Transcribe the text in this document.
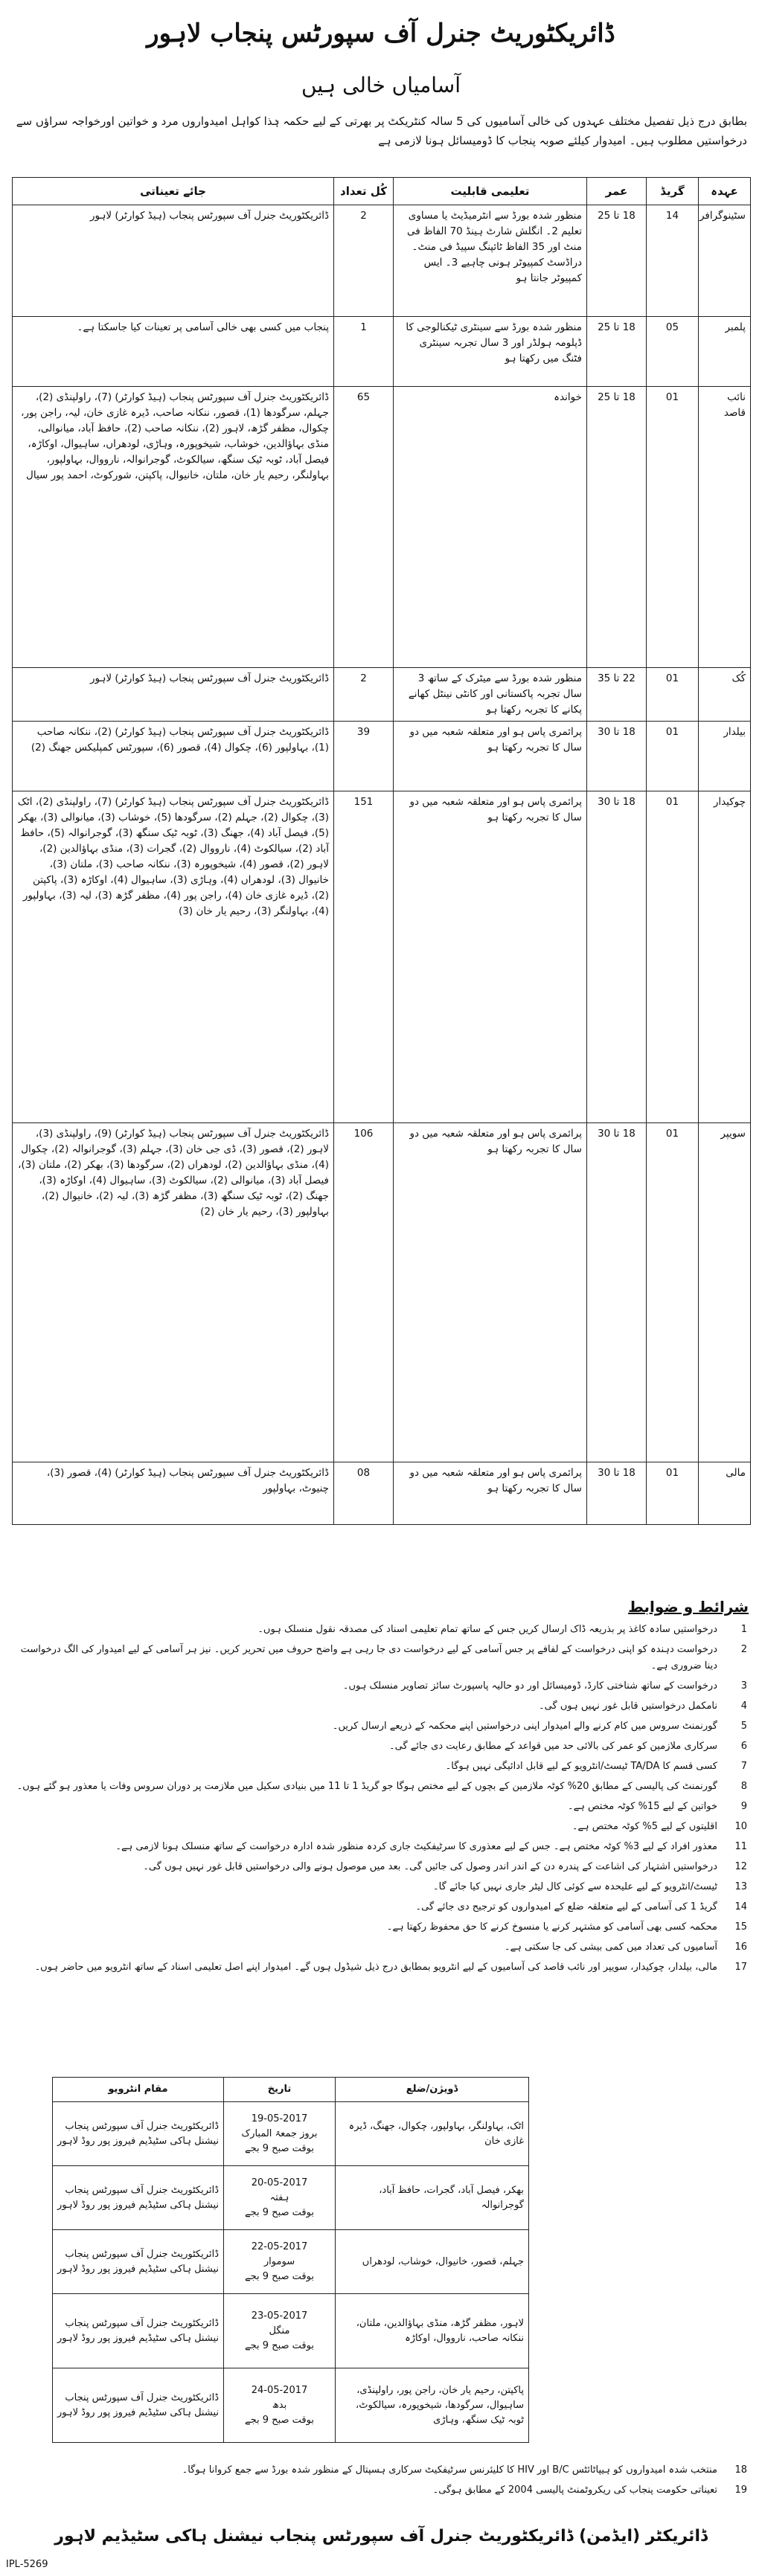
ڈائریکٹوریٹ جنرل آف سپورٹس پنجاب لاہور
آسامیاں خالی ہیں
بطابق درج ذیل تفصیل مختلف عہدوں کی خالی آسامیوں کی 5 سالہ کنٹریکٹ پر بھرتی کے لیے حکمہ ہٰذا کواہل امیدواروں مرد و خواتین اورخواجہ سراؤں سے درخواستیں مطلوب ہیں۔ امیدوار کیلئے صوبہ پنجاب کا ڈومیسائل ہونا لازمی ہے
عہدہ	گریڈ	عمر	تعلیمی قابلیت	کُل تعداد	جائے تعیناتی
سٹینوگرافر	14	18 تا 25	منظور شدہ بورڈ سے انٹرمیڈیٹ یا مساوی تعلیم 2۔ انگلش شارٹ ہینڈ 70 الفاظ فی منٹ اور 35 الفاظ ٹائپنگ سپیڈ فی منٹ۔ دراڈسٹ کمپیوٹر ہونی چاہیے 3۔ ایس کمپیوٹر جانتا ہو	2	ڈائریکٹوریٹ جنرل آف سپورٹس پنجاب (ہیڈ کوارٹر) لاہور
پلمبر	05	18 تا 25	منظور شدہ بورڈ سے سینٹری ٹیکنالوجی کا ڈپلومہ ہولڈر اور 3 سال تجربہ سینٹری فٹنگ میں رکھتا ہو	1	پنجاب میں کسی بھی خالی آسامی پر تعینات کیا جاسکتا ہے۔
نائب قاصد	01	18 تا 25	خواندہ	65	ڈائریکٹوریٹ جنرل آف سپورٹس پنجاب (ہیڈ کوارٹر) (7)، راولپنڈی (2)، جہلم، سرگودھا (1)، قصور، ننکانہ صاحب، ڈیرہ غازی خان، لیہ، راجن پور، چکوال، مظفر گڑھ، لاہور (2)، ننکانہ صاحب (2)، حافظ آباد، میانوالی، منڈی بہاؤالدین، خوشاب، شیخوپورہ، وہاڑی، لودھراں، ساہیوال، اوکاڑہ، فیصل آباد، ٹوبہ ٹیک سنگھ، سیالکوٹ، گوجرانوالہ، نارووال، بہاولپور، بہاولنگر، رحیم یار خان، ملتان، خانیوال، پاکپتن، شورکوٹ، احمد پور سیال
کُک	01	22 تا 35	منظور شدہ بورڈ سے میٹرک کے ساتھ 3 سال تجربہ پاکستانی اور کانٹی نینٹل کھانے پکانے کا تجربہ رکھتا ہو	2	ڈائریکٹوریٹ جنرل آف سپورٹس پنجاب (ہیڈ کوارٹر) لاہور
بیلدار	01	18 تا 30	پرائمری پاس ہو اور متعلقہ شعبہ میں دو سال کا تجربہ رکھتا ہو	39	ڈائریکٹوریٹ جنرل آف سپورٹس پنجاب (ہیڈ کوارٹر) (2)، ننکانہ صاحب (1)، بہاولپور (6)، چکوال (4)، قصور (6)، سپورٹس کمپلیکس جھنگ (2)
چوکیدار	01	18 تا 30	پرائمری پاس ہو اور متعلقہ شعبہ میں دو سال کا تجربہ رکھتا ہو	151	ڈائریکٹوریٹ جنرل آف سپورٹس پنجاب (ہیڈ کوارٹر) (7)، راولپنڈی (2)، اٹک (3)، چکوال (2)، جہلم (2)، سرگودھا (5)، خوشاب (3)، میانوالی (3)، بھکر (5)، فیصل آباد (4)، جھنگ (3)، ٹوبہ ٹیک سنگھ (3)، گوجرانوالہ (5)، حافظ آباد (2)، سیالکوٹ (4)، نارووال (2)، گجرات (3)، منڈی بہاؤالدین (2)، لاہور (2)، قصور (4)، شیخوپورہ (3)، ننکانہ صاحب (3)، ملتان (3)، خانیوال (3)، لودھراں (4)، وہاڑی (3)، ساہیوال (4)، اوکاڑہ (3)، پاکپتن (2)، ڈیرہ غازی خان (4)، راجن پور (4)، مظفر گڑھ (3)، لیہ (3)، بہاولپور (4)، بہاولنگر (3)، رحیم یار خان (3)
سویپر	01	18 تا 30	پرائمری پاس ہو اور متعلقہ شعبہ میں دو سال کا تجربہ رکھتا ہو	106	ڈائریکٹوریٹ جنرل آف سپورٹس پنجاب (ہیڈ کوارٹر) (9)، راولپنڈی (3)، لاہور (2)، قصور (3)، ڈی جی خان (3)، جہلم (3)، گوجرانوالہ (2)، چکوال (4)، منڈی بہاؤالدین (2)، لودھراں (2)، سرگودھا (3)، بھکر (2)، ملتان (3)، فیصل آباد (3)، میانوالی (2)، سیالکوٹ (3)، ساہیوال (4)، اوکاڑہ (3)، جھنگ (2)، ٹوبہ ٹیک سنگھ (3)، مظفر گڑھ (3)، لیہ (2)، خانیوال (2)، بہاولپور (3)، رحیم یار خان (2)
مالی	01	18 تا 30	پرائمری پاس ہو اور متعلقہ شعبہ میں دو سال کا تجربہ رکھتا ہو	08	ڈائریکٹوریٹ جنرل آف سپورٹس پنجاب (ہیڈ کوارٹر) (4)، قصور (3)، چنیوٹ، بہاولپور
شرائط و ضوابط
1
درخواستیں سادہ کاغذ پر بذریعہ ڈاک ارسال کریں جس کے ساتھ تمام تعلیمی اسناد کی مصدقہ نقول منسلک ہوں۔
2
درخواست دہندہ کو اپنی درخواست کے لفافے پر جس آسامی کے لیے درخواست دی جا رہی ہے واضح حروف میں تحریر کریں۔ نیز ہر آسامی کے لیے امیدوار کی الگ درخواست دینا ضروری ہے۔
3
درخواست کے ساتھ شناختی کارڈ، ڈومیسائل اور دو حالیہ پاسپورٹ سائز تصاویر منسلک ہوں۔
4
نامکمل درخواستیں قابل غور نہیں ہوں گی۔
5
گورنمنٹ سروس میں کام کرنے والے امیدوار اپنی درخواستیں اپنے محکمہ کے ذریعے ارسال کریں۔
6
سرکاری ملازمین کو عمر کی بالائی حد میں قواعد کے مطابق رعایت دی جائے گی۔
7
کسی قسم کا TA/DA ٹیسٹ/انٹرویو کے لیے قابل ادائیگی نہیں ہوگا۔
8
گورنمنٹ کی پالیسی کے مطابق 20% کوٹہ ملازمین کے بچوں کے لیے مختص ہوگا جو گریڈ 1 تا 11 میں بنیادی سکیل میں ملازمت پر دوران سروس وفات یا معذور ہو گئے ہوں۔
9
خواتین کے لیے 15% کوٹہ مختص ہے۔
10
اقلیتوں کے لیے 5% کوٹہ مختص ہے۔
11
معذور افراد کے لیے 3% کوٹہ مختص ہے۔ جس کے لیے معذوری کا سرٹیفکیٹ جاری کردہ منظور شدہ ادارہ درخواست کے ساتھ منسلک ہونا لازمی ہے۔
12
درخواستیں اشتہار کی اشاعت کے پندرہ دن کے اندر اندر وصول کی جائیں گی۔ بعد میں موصول ہونے والی درخواستیں قابل غور نہیں ہوں گی۔
13
ٹیسٹ/انٹرویو کے لیے علیحدہ سے کوئی کال لیٹر جاری نہیں کیا جائے گا۔
14
گریڈ 1 کی آسامی کے لیے متعلقہ ضلع کے امیدواروں کو ترجیح دی جائے گی۔
15
محکمہ کسی بھی آسامی کو مشتہر کرنے یا منسوخ کرنے کا حق محفوظ رکھتا ہے۔
16
آسامیوں کی تعداد میں کمی بیشی کی جا سکتی ہے۔
17
مالی، بیلدار، چوکیدار، سویپر اور نائب قاصد کی آسامیوں کے لیے انٹرویو بمطابق درج ذیل شیڈول ہوں گے۔ امیدوار اپنے اصل تعلیمی اسناد کے ساتھ انٹرویو میں حاضر ہوں۔
ڈویژن/ضلع	تاریخ	مقام انٹرویو
اٹک، بہاولنگر، بہاولپور، چکوال، جھنگ، ڈیرہ غازی خان	19-05-2017
بروز جمعۃ المبارک
بوقت صبح 9 بجے	ڈائریکٹوریٹ جنرل آف سپورٹس پنجاب نیشنل ہاکی سٹیڈیم فیروز پور روڈ لاہور
بھکر، فیصل آباد، گجرات، حافظ آباد، گوجرانوالہ	20-05-2017
ہفتہ
بوقت صبح 9 بجے	ڈائریکٹوریٹ جنرل آف سپورٹس پنجاب نیشنل ہاکی سٹیڈیم فیروز پور روڈ لاہور
جہلم، قصور، خانیوال، خوشاب، لودھراں	22-05-2017
سوموار
بوقت صبح 9 بجے	ڈائریکٹوریٹ جنرل آف سپورٹس پنجاب نیشنل ہاکی سٹیڈیم فیروز پور روڈ لاہور
لاہور، مظفر گڑھ، منڈی بہاؤالدین، ملتان، ننکانہ صاحب، نارووال، اوکاڑہ	23-05-2017
منگل
بوقت صبح 9 بجے	ڈائریکٹوریٹ جنرل آف سپورٹس پنجاب نیشنل ہاکی سٹیڈیم فیروز پور روڈ لاہور
پاکپتن، رحیم یار خان، راجن پور، راولپنڈی، ساہیوال، سرگودھا، شیخوپورہ، سیالکوٹ، ٹوبہ ٹیک سنگھ، وہاڑی	24-05-2017
بدھ
بوقت صبح 9 بجے	ڈائریکٹوریٹ جنرل آف سپورٹس پنجاب نیشنل ہاکی سٹیڈیم فیروز پور روڈ لاہور
18
منتخب شدہ امیدواروں کو ہیپاٹائٹس B/C اور HIV کا کلیئرنس سرٹیفکیٹ سرکاری ہسپتال کے منظور شدہ بورڈ سے جمع کروانا ہوگا۔
19
تعیناتی حکومت پنجاب کی ریکروٹمنٹ پالیسی 2004 کے مطابق ہوگی۔
ڈائریکٹر (ایڈمن) ڈائریکٹوریٹ جنرل آف سپورٹس پنجاب نیشنل ہاکی سٹیڈیم لاہور
IPL-5269
